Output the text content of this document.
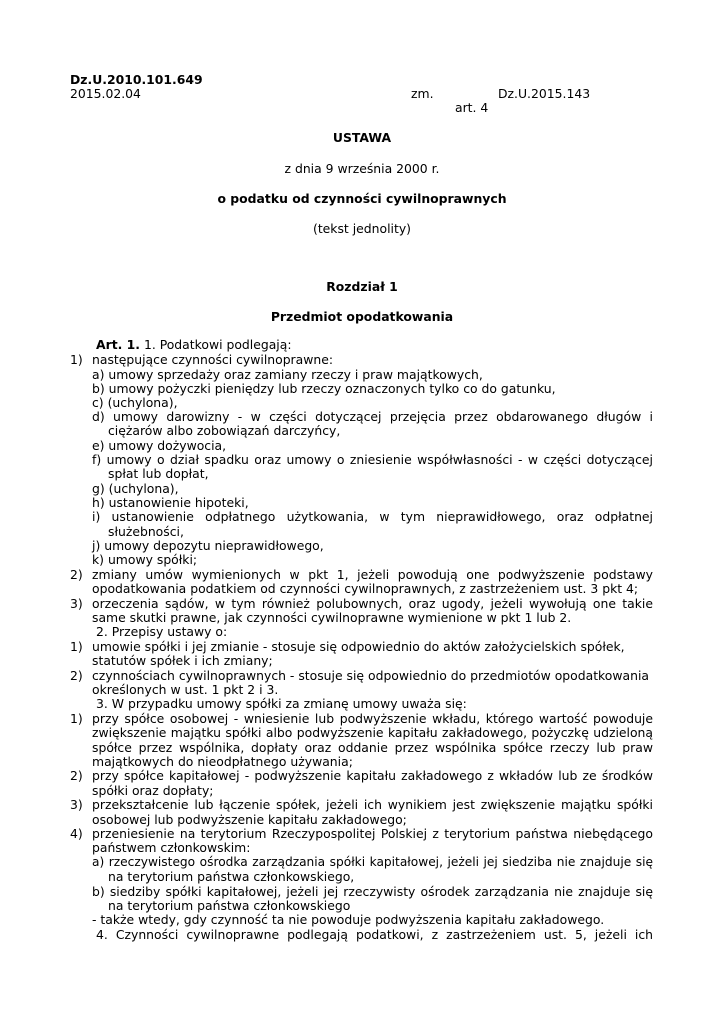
Dz.U.2010.101.649
2015.02.04	zm.	Dz.U.2015.143
art. 4
USTAWA
z dnia 9 września 2000 r.
o podatku od czynności cywilnoprawnych
(tekst jednolity)
Rozdział 1
Przedmiot opodatkowania
Art. 1. 1. Podatkowi podlegają:
1) następujące czynności cywilnoprawne:
a) umowy sprzedaży oraz zamiany rzeczy i praw majątkowych,
b) umowy pożyczki pieniędzy lub rzeczy oznaczonych tylko co do gatunku,
c) (uchylona),
d) umowy darowizny - w części dotyczącej przejęcia przez obdarowanego długów i
ciężarów albo zobowiązań darczyńcy,
e) umowy dożywocia,
f) umowy o dział spadku oraz umowy o zniesienie współwłasności - w części dotyczącej
spłat lub dopłat,
g) (uchylona),
h) ustanowienie hipoteki,
i) ustanowienie odpłatnego użytkowania, w tym nieprawidłowego, oraz odpłatnej
służebności,
j) umowy depozytu nieprawidłowego,
k) umowy spółki;
2) zmiany umów wymienionych w pkt 1, jeżeli powodują one podwyższenie podstawy
opodatkowania podatkiem od czynności cywilnoprawnych, z zastrzeżeniem ust. 3 pkt 4;
3) orzeczenia sądów, w tym również polubownych, oraz ugody, jeżeli wywołują one takie
same skutki prawne, jak czynności cywilnoprawne wymienione w pkt 1 lub 2.
2. Przepisy ustawy o:
1) umowie spółki i jej zmianie - stosuje się odpowiednio do aktów założycielskich spółek,
statutów spółek i ich zmiany;
2) czynnościach cywilnoprawnych - stosuje się odpowiednio do przedmiotów opodatkowania
określonych w ust. 1 pkt 2 i 3.
3. W przypadku umowy spółki za zmianę umowy uważa się:
1) przy spółce osobowej - wniesienie lub podwyższenie wkładu, którego wartość powoduje
zwiększenie majątku spółki albo podwyższenie kapitału zakładowego, pożyczkę udzieloną
spółce przez wspólnika, dopłaty oraz oddanie przez wspólnika spółce rzeczy lub praw
majątkowych do nieodpłatnego używania;
2) przy spółce kapitałowej - podwyższenie kapitału zakładowego z wkładów lub ze środków
spółki oraz dopłaty;
3) przekształcenie lub łączenie spółek, jeżeli ich wynikiem jest zwiększenie majątku spółki
osobowej lub podwyższenie kapitału zakładowego;
4) przeniesienie na terytorium Rzeczypospolitej Polskiej z terytorium państwa niebędącego
państwem członkowskim:
a) rzeczywistego ośrodka zarządzania spółki kapitałowej, jeżeli jej siedziba nie znajduje się
na terytorium państwa członkowskiego,
b) siedziby spółki kapitałowej, jeżeli jej rzeczywisty ośrodek zarządzania nie znajduje się
na terytorium państwa członkowskiego
- także wtedy, gdy czynność ta nie powoduje podwyższenia kapitału zakładowego.
4. Czynności cywilnoprawne podlegają podatkowi, z zastrzeżeniem ust. 5, jeżeli ich
